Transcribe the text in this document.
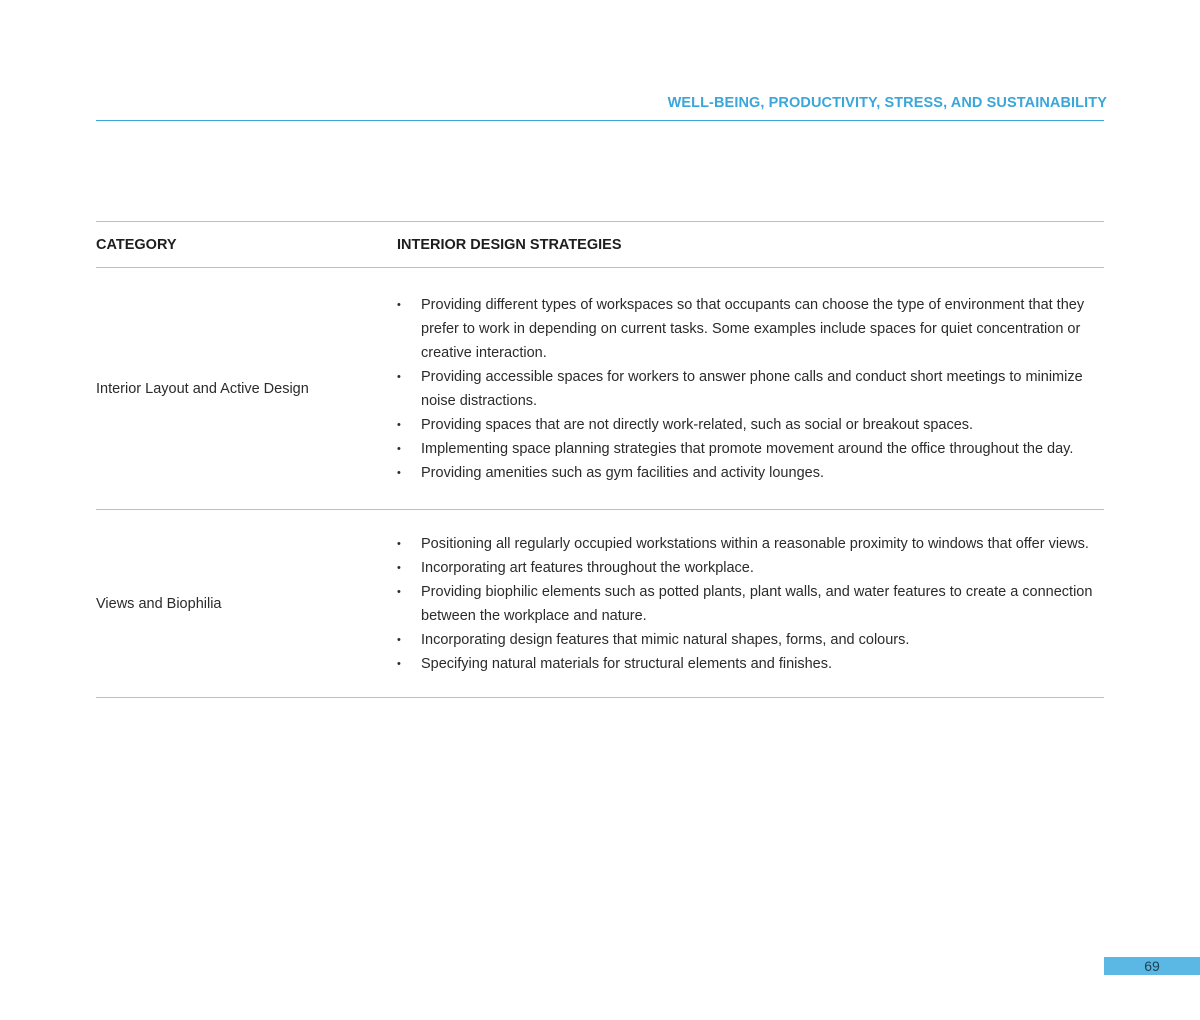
WELL-BEING, PRODUCTIVITY, STRESS, AND SUSTAINABILITY
CATEGORY	INTERIOR DESIGN STRATEGIES
Interior Layout and Active Design
• Providing different types of workspaces so that occupants can choose the type of environment that they prefer to work in depending on current tasks. Some examples include spaces for quiet concentration or creative interaction.
• Providing accessible spaces for workers to answer phone calls and conduct short meetings to minimize noise distractions.
• Providing spaces that are not directly work-related, such as social or breakout spaces.
• Implementing space planning strategies that promote movement around the office throughout the day.
• Providing amenities such as gym facilities and activity lounges.
Views and Biophilia
• Positioning all regularly occupied workstations within a reasonable proximity to windows that offer views.
• Incorporating art features throughout the workplace.
• Providing biophilic elements such as potted plants, plant walls, and water features to create a connection between the workplace and nature.
• Incorporating design features that mimic natural shapes, forms, and colours.
• Specifying natural materials for structural elements and finishes.
69
